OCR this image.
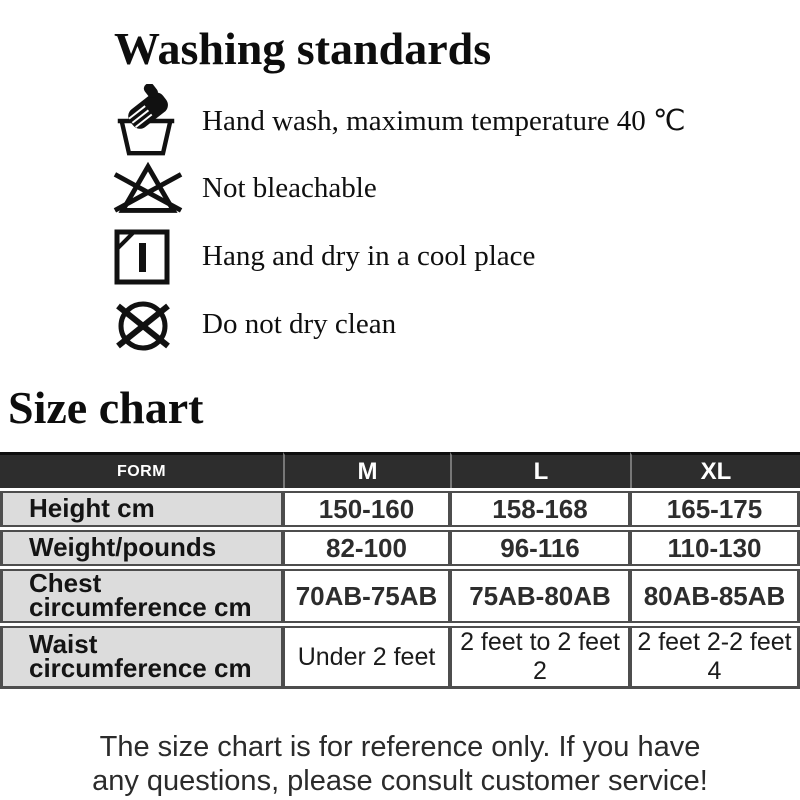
Washing standards
Hand wash, maximum temperature 40 ℃
Not bleachable
Hang and dry in a cool place
Do not dry clean
Size chart
FORM	M	L	XL
Height cm	150-160	158-168	165-175
Weight/pounds	82-100	96-116	110-130
Chest circumference cm	70AB-75AB	75AB-80AB	80AB-85AB
Waist circumference cm	Under 2 feet	2 feet to 2 feet 2	2 feet 2-2 feet 4
The size chart is for reference only. If you have
any questions, please consult customer service!
